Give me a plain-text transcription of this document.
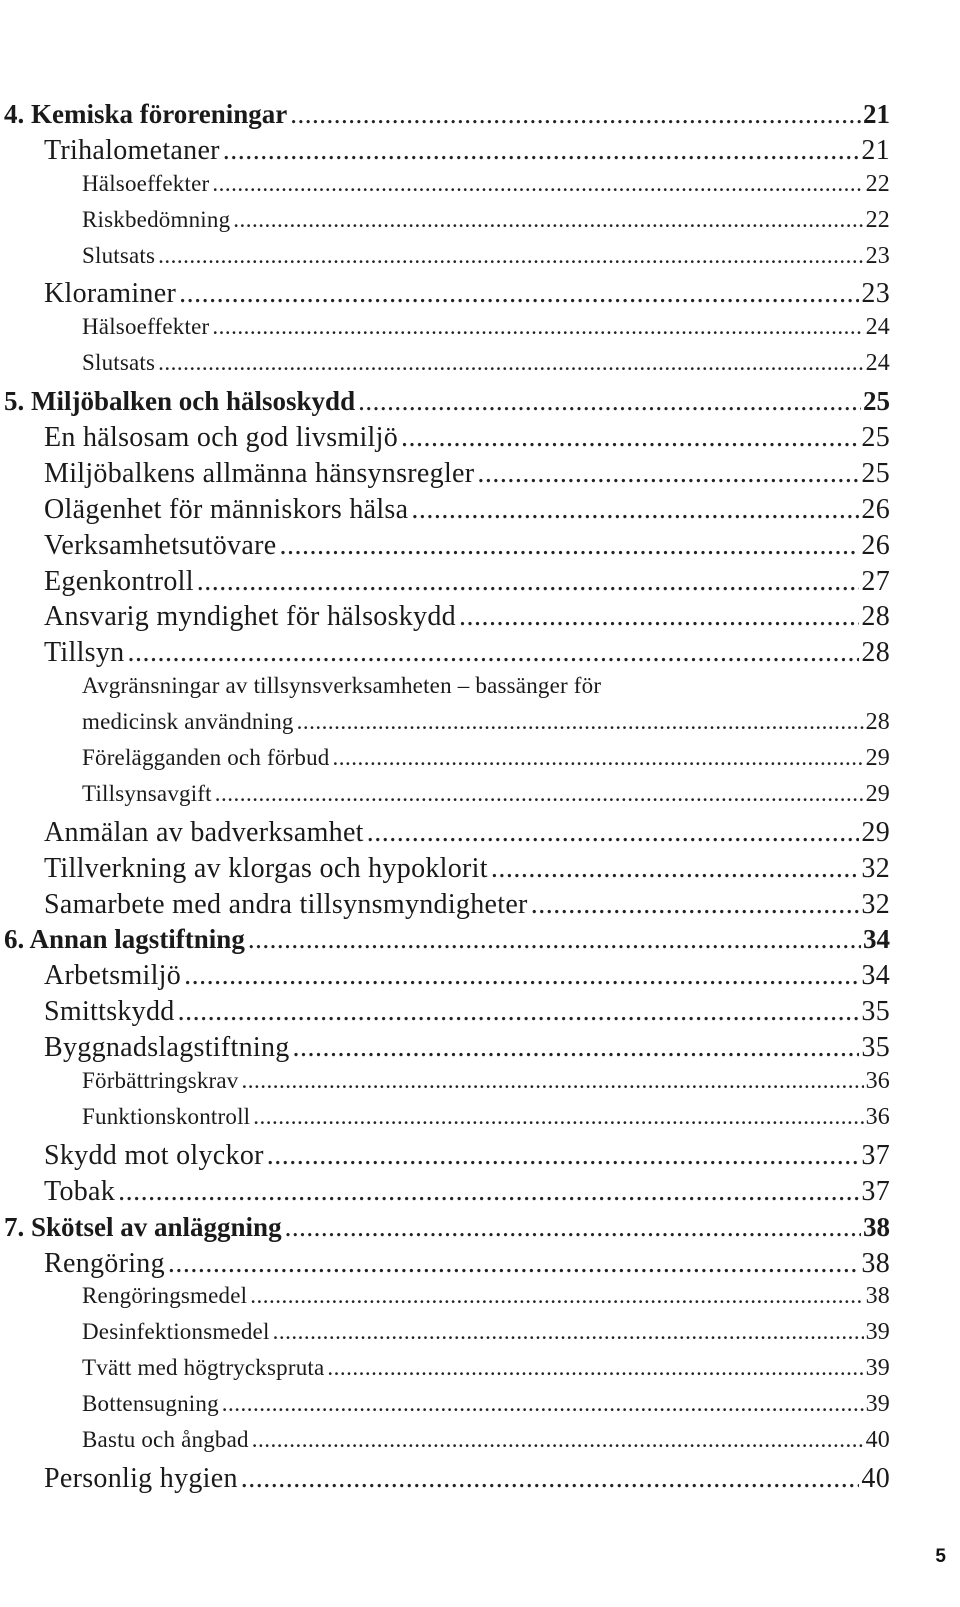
4. Kemiska föroreningar .....	21
Trihalometaner .....	21
Hälsoeffekter .....	22
Riskbedömning .....	22
Slutsats .....	23
Kloraminer .....	23
Hälsoeffekter .....	24
Slutsats .....	24
5. Miljöbalken och hälsoskydd .....	25
En hälsosam och god livsmiljö .....	25
Miljöbalkens allmänna hänsynsregler .....	25
Olägenhet för människors hälsa .....	26
Verksamhetsutövare .....	26
Egenkontroll .....	27
Ansvarig myndighet för hälsoskydd .....	28
Tillsyn .....	28
Avgränsningar av tillsynsverksamheten – bassänger för
medicinsk användning .....	28
Förelägganden och förbud .....	29
Tillsynsavgift .....	29
Anmälan av badverksamhet .....	29
Tillverkning av klorgas och hypoklorit .....	32
Samarbete med andra tillsynsmyndigheter .....	32
6. Annan lagstiftning .....	34
Arbetsmiljö .....	34
Smittskydd .....	35
Byggnadslagstiftning .....	35
Förbättringskrav .....	36
Funktionskontroll .....	36
Skydd mot olyckor .....	37
Tobak .....	37
7. Skötsel av anläggning .....	38
Rengöring .....	38
Rengöringsmedel .....	38
Desinfektionsmedel .....	39
Tvätt med högtryckspruta .....	39
Bottensugning .....	39
Bastu och ångbad .....	40
Personlig hygien .....	40
5
